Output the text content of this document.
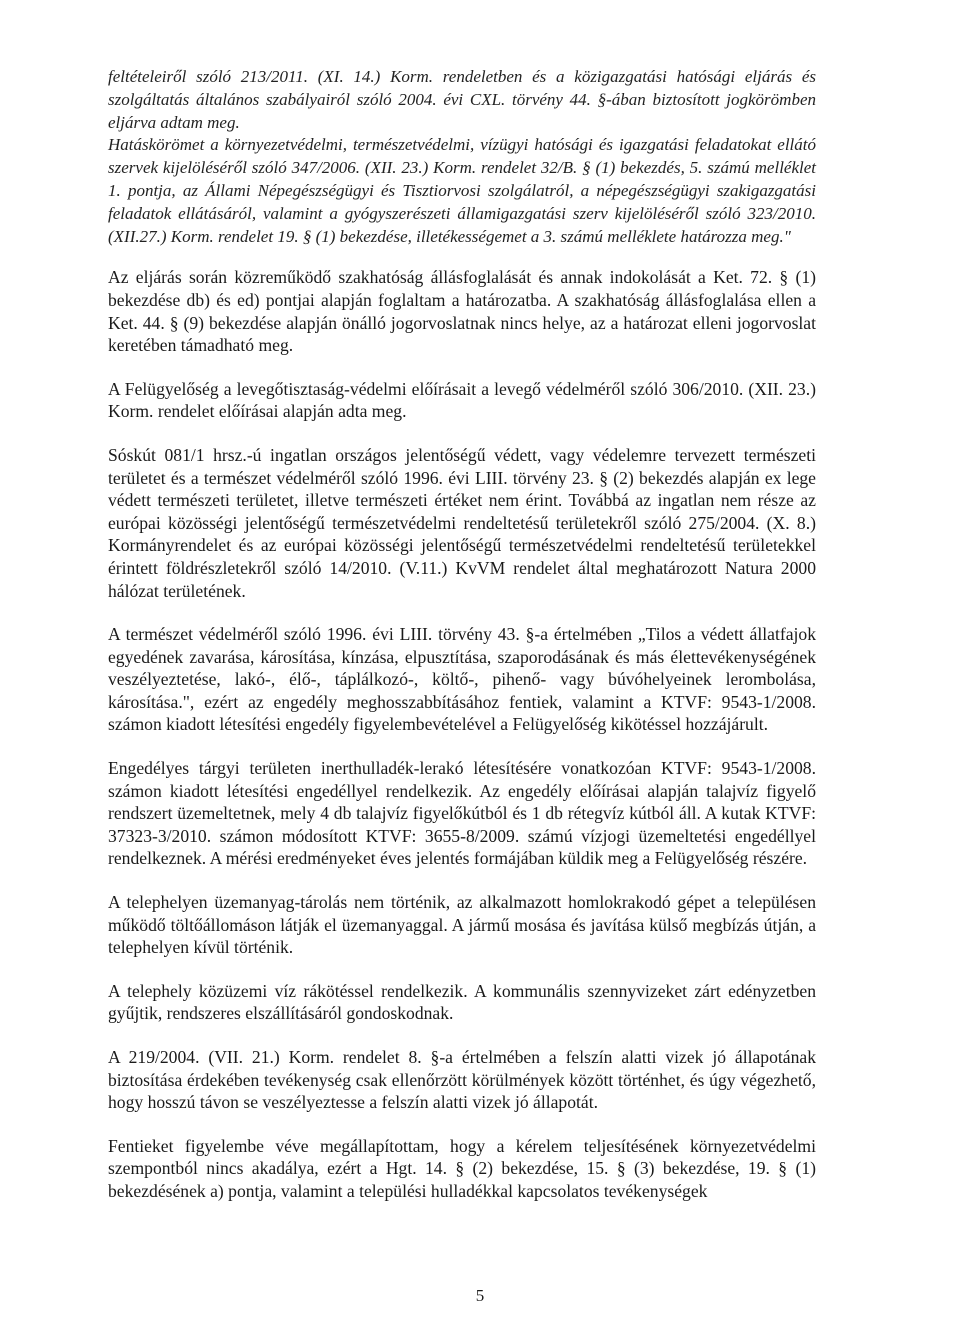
feltételeiről szóló 213/2011. (XI. 14.) Korm. rendeletben és a közigazgatási hatósági eljárás és szolgáltatás általános szabályairól szóló 2004. évi CXL. törvény 44. §-ában biztosított jogkörömben eljárva adtam meg.

Hatáskörömet a környezetvédelmi, természetvédelmi, vízügyi hatósági és igazgatási feladatokat ellátó szervek kijelöléséről szóló 347/2006. (XII. 23.) Korm. rendelet 32/B. § (1) bekezdés, 5. számú melléklet 1. pontja, az Állami Népegészségügyi és Tisztiorvosi szolgálatról, a népegészségügyi szakigazgatási feladatok ellátásáról, valamint a gyógyszerészeti államigazgatási szerv kijelöléséről szóló 323/2010. (XII.27.) Korm. rendelet 19. § (1) bekezdése, illetékességemet a 3. számú melléklete határozza meg."

Az eljárás során közreműködő szakhatóság állásfoglalását és annak indokolását a Ket. 72. § (1) bekezdése db) és ed) pontjai alapján foglaltam a határozatba. A szakhatóság állásfoglalása ellen a Ket. 44. § (9) bekezdése alapján önálló jogorvoslatnak nincs helye, az a határozat elleni jogorvoslat keretében támadható meg.

A Felügyelőség a levegőtisztaság-védelmi előírásait a levegő védelméről szóló 306/2010. (XII. 23.) Korm. rendelet előírásai alapján adta meg.

Sóskút 081/1 hrsz.-ú ingatlan országos jelentőségű védett, vagy védelemre tervezett természeti területet és a természet védelméről szóló 1996. évi LIII. törvény 23. § (2) bekezdés alapján ex lege védett természeti területet, illetve természeti értéket nem érint. Továbbá az ingatlan nem része az európai közösségi jelentőségű természetvédelmi rendeltetésű területekről szóló 275/2004. (X. 8.) Kormányrendelet és az európai közösségi jelentőségű természetvédelmi rendeltetésű területekkel érintett földrészletekről szóló 14/2010. (V.11.) KvVM rendelet által meghatározott Natura 2000 hálózat területének.

A természet védelméről szóló 1996. évi LIII. törvény 43. §-a értelmében „Tilos a védett állatfajok egyedének zavarása, károsítása, kínzása, elpusztítása, szaporodásának és más élettevékenységének veszélyeztetése, lakó-, élő-, táplálkozó-, költő-, pihenő- vagy búvóhelyeinek lerombolása, károsítása.", ezért az engedély meghosszabbításához fentiek, valamint a KTVF: 9543-1/2008. számon kiadott létesítési engedély figyelembevételével a Felügyelőség kikötéssel hozzájárult.

Engedélyes tárgyi területen inerthulladék-lerakó létesítésére vonatkozóan KTVF: 9543-1/2008. számon kiadott létesítési engedéllyel rendelkezik. Az engedély előírásai alapján talajvíz figyelő rendszert üzemeltetnek, mely 4 db talajvíz figyelőkútból és 1 db rétegvíz kútból áll. A kutak KTVF: 37323-3/2010. számon módosított KTVF: 3655-8/2009. számú vízjogi üzemeltetési engedéllyel rendelkeznek. A mérési eredményeket éves jelentés formájában küldik meg a Felügyelőség részére.

A telephelyen üzemanyag-tárolás nem történik, az alkalmazott homlokrakodó gépet a településen működő töltőállomáson látják el üzemanyaggal. A jármű mosása és javítása külső megbízás útján, a telephelyen kívül történik.

A telephely közüzemi víz rákötéssel rendelkezik. A kommunális szennyvizeket zárt edényzetben gyűjtik, rendszeres elszállításáról gondoskodnak.

A 219/2004. (VII. 21.) Korm. rendelet 8. §-a értelmében a felszín alatti vizek jó állapotának biztosítása érdekében tevékenység csak ellenőrzött körülmények között történhet, és úgy végezhető, hogy hosszú távon se veszélyeztesse a felszín alatti vizek jó állapotát.

Fentieket figyelembe véve megállapítottam, hogy a kérelem teljesítésének környezetvédelmi szempontból nincs akadálya, ezért a Hgt. 14. § (2) bekezdése, 15. § (3) bekezdése, 19. § (1) bekezdésének a) pontja, valamint a települési hulladékkal kapcsolatos tevékenységek

5
